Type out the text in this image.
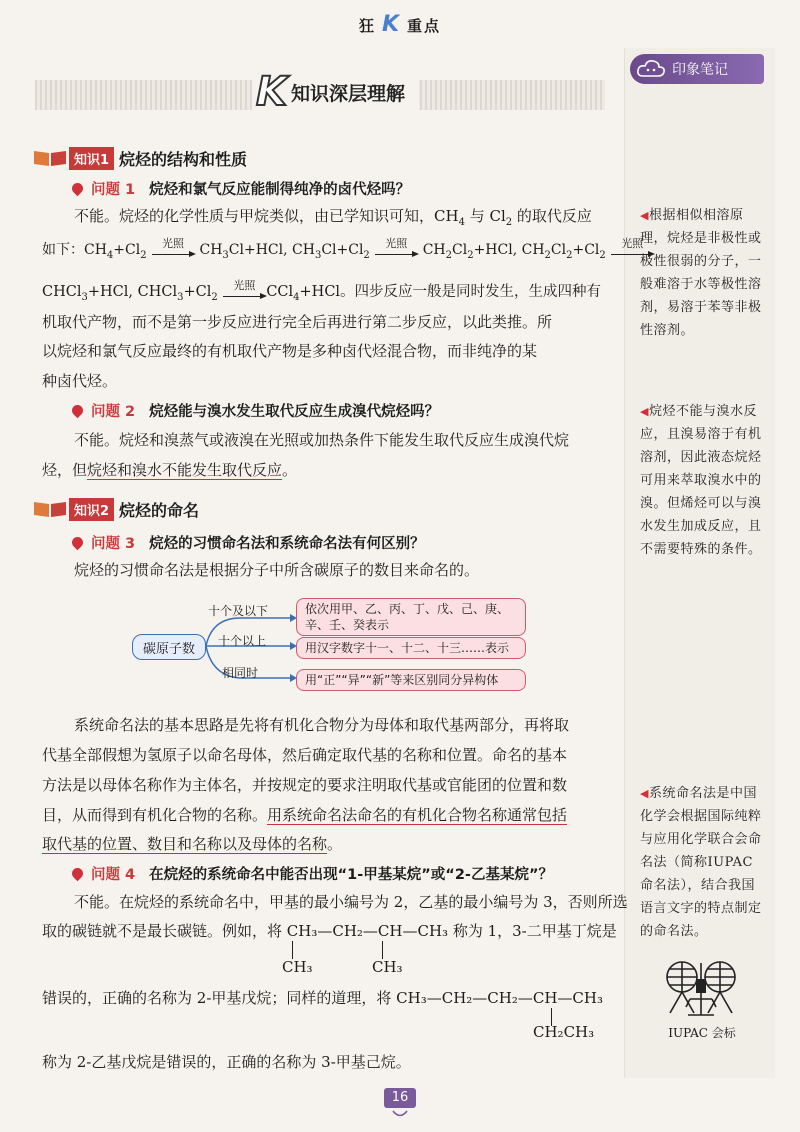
狂 K 重点
K 知识深层理解
印象笔记
◀根据相似相溶原理，烷烃是非极性或极性很弱的分子，一般难溶于水等极性溶剂，易溶于苯等非极性溶剂。
◀烷烃不能与溴水反应，且溴易溶于有机溶剂，因此液态烷烃可用来萃取溴水中的溴。但烯烃可以与溴水发生加成反应，且不需要特殊的条件。
◀系统命名法是中国化学会根据国际纯粹与应用化学联合会命名法（简称IUPAC命名法），结合我国语言文字的特点制定的命名法。
IUPAC 会标
知识1 烷烃的结构和性质
问题 1 烷烃和氯气反应能制得纯净的卤代烃吗？
不能。烷烃的化学性质与甲烷类似，由已学知识可知，$CH_4$ 与 $Cl_2$ 的取代反应
如下：$CH_4+Cl_2$
光照 $CH_3Cl+HCl$, $CH_3Cl+Cl_2$
光照 $CH_2Cl_2+HCl$, $CH_2Cl_2+Cl_2$
光照
CHCl$_3$+HCl, $CHCl_3+Cl_2$
光照 CCl$_4$+HCl。四步反应一般是同时发生，生成四种有
机取代产物，而不是第一步反应进行完全后再进行第二步反应，以此类推。所
以烷烃和氯气反应最终的有机取代产物是多种卤代烃混合物，而非纯净的某
种卤代烃。
问题 2 烷烃能与溴水发生取代反应生成溴代烷烃吗？
不能。烷烃和溴蒸气或液溴在光照或加热条件下能发生取代反应生成溴代烷
烃，但烷烃和溴水不能发生取代反应。
知识2 烷烃的命名
问题 3 烷烃的习惯命名法和系统命名法有何区别？
烷烃的习惯命名法是根据分子中所含碳原子的数目来命名的。
碳原子数
十个及以下
十个以上
相同时
依次用甲、乙、丙、丁、戊、己、庚、辛、壬、癸表示
用汉字数字十一、十二、十三……表示
用“正”“异”“新”等来区别同分异构体
系统命名法的基本思路是先将有机化合物分为母体和取代基两部分，再将取
代基全部假想为氢原子以命名母体，然后确定取代基的名称和位置。命名的基本
方法是以母体名称作为主体名，并按规定的要求注明取代基或官能团的位置和数
目，从而得到有机化合物的名称。用系统命名法命名的有机化合物名称通常包括
取代基的位置、数目和名称以及母体的名称。
问题 4 在烷烃的系统命名中能否出现“1-甲基某烷”或“2-乙基某烷”？
不能。在烷烃的系统命名中，甲基的最小编号为 2，乙基的最小编号为 3，否则所选
取的碳链就不是最长碳链。例如，将 CH₃—CH₂—CH—CH₃ 称为 1，3-二甲基丁烷是
CH₃	CH₃
错误的，正确的名称为 2-甲基戊烷；同样的道理，将 CH₃—CH₂—CH₂—CH—CH₃
CH₂CH₃
称为 2-乙基戊烷是错误的，正确的名称为 3-甲基己烷。
16
